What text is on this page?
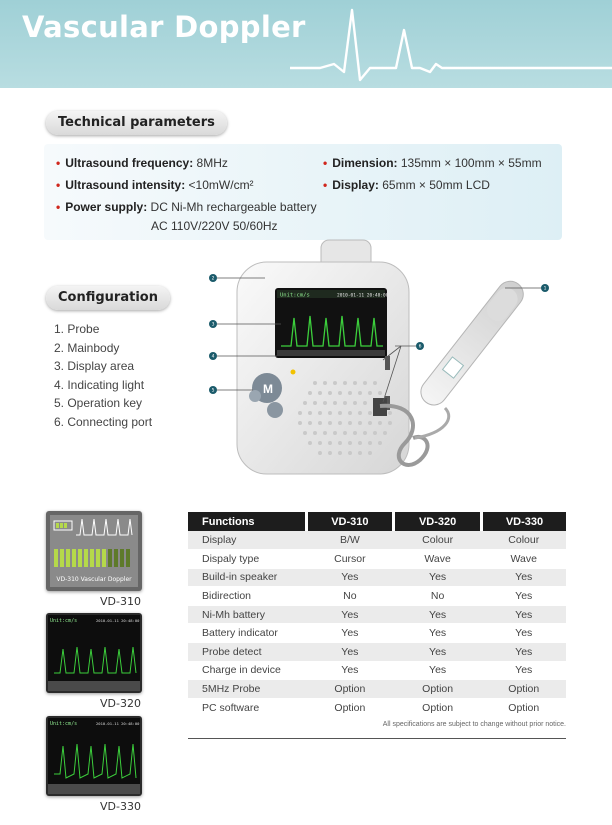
Vascular Doppler
Technical parameters
• Ultrasound frequency: 8MHz
• Ultrasound intensity: <10mW/cm²
• Power supply: DC Ni-Mh rechargeable battery
AC 110V/220V 50/60Hz
• Dimension: 135mm × 100mm × 55mm
• Display: 65mm × 50mm LCD
Configuration
1. Probe
2. Mainbody
3. Display area
4. Indicating light
5. Operation key
6. Connecting port
Unit:cm/s	2010-01-11 20:48:00
M
1
2
3
4
5
6
VD-310 Vascular Doppler
VD-310
Unit:cm/s	2010-01-11 20:48:00
VD-320
Unit:cm/s	2010-01-11 20:48:00
VD-330
Functions	VD-310	VD-320	VD-330
Display	B/W	Colour	Colour
Dispaly type	Cursor	Wave	Wave
Build-in speaker	Yes	Yes	Yes
Bidirection	No	No	Yes
Ni-Mh battery	Yes	Yes	Yes
Battery indicator	Yes	Yes	Yes
Probe detect	Yes	Yes	Yes
Charge in device	Yes	Yes	Yes
5MHz Probe	Option	Option	Option
PC software	Option	Option	Option
All specifications are subject to change without prior notice.
